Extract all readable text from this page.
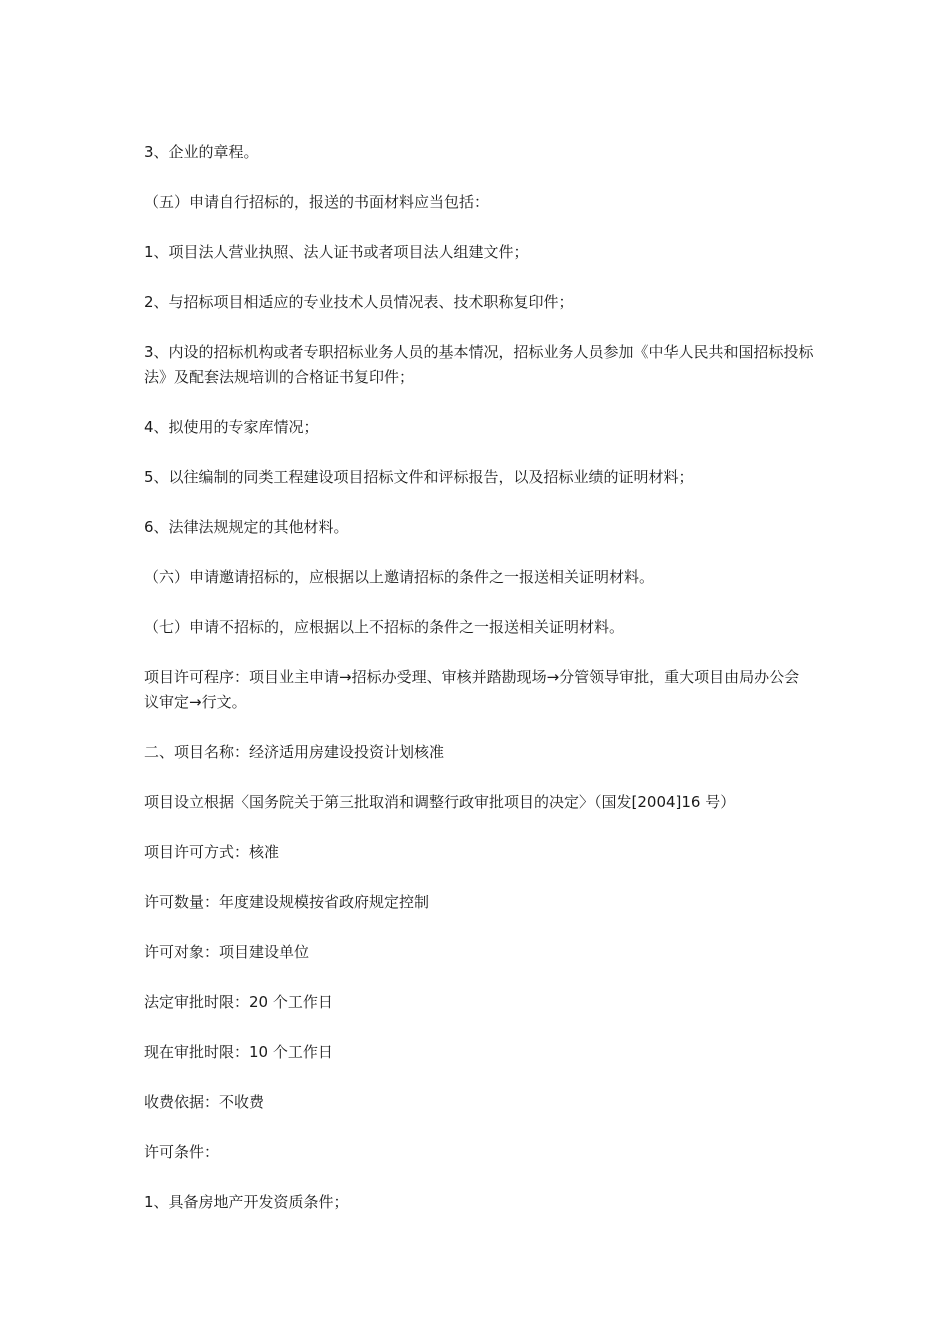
3、企业的章程。

（五）申请自行招标的，报送的书面材料应当包括：

1、项目法人营业执照、法人证书或者项目法人组建文件；

2、与招标项目相适应的专业技术人员情况表、技术职称复印件；

3、内设的招标机构或者专职招标业务人员的基本情况，招标业务人员参加《中华人民共和国招标投标法》及配套法规培训的合格证书复印件；

4、拟使用的专家库情况；

5、以往编制的同类工程建设项目招标文件和评标报告，以及招标业绩的证明材料；

6、法律法规规定的其他材料。

（六）申请邀请招标的，应根据以上邀请招标的条件之一报送相关证明材料。

（七）申请不招标的，应根据以上不招标的条件之一报送相关证明材料。

项目许可程序：项目业主申请→招标办受理、审核并踏勘现场→分管领导审批，重大项目由局办公会议审定→行文。

二、项目名称：经济适用房建设投资计划核准

项目设立根据〈国务院关于第三批取消和调整行政审批项目的决定〉（国发[2004]16 号）

项目许可方式：核准

许可数量：年度建设规模按省政府规定控制

许可对象：项目建设单位

法定审批时限：20 个工作日

现在审批时限：10 个工作日

收费依据：不收费

许可条件：

1、具备房地产开发资质条件；
